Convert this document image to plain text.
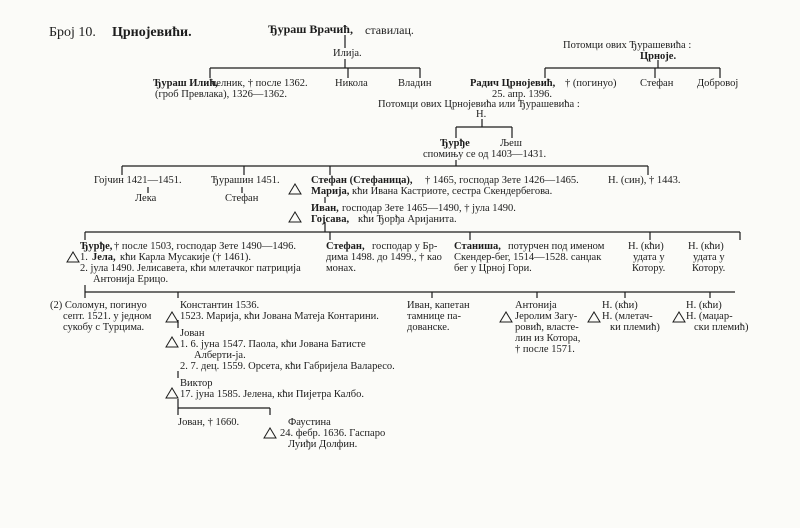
Број 10. Црнојевићи.	Ђураш Врачић, ставилац.
Илија.
Ђураш Илић,
челник, † после 1362.
(гроб Превлака), 1326—1362.
Никола	Владин
Потомци ових Ђурашевића :
Црноје.
Радич Црнојевић, † (погинуо)
25. апр. 1396.
Стефан Добровој
Потомци ових Црнојевића или Ђурашевића :
Н.
Ђурђе	Љеш
спомињу се од 1403—1431.
Гојчин 1421—1451.
Лека
Ђурашин 1451.
Стефан
Стефан (Стефаница), † 1465, господар Зете 1426—1465.
Марија, кћи Ивана Кастриоте, сестра Скендербегова.
Н. (син), † 1443.
Иван, господар Зете 1465—1490, † јула 1490.
Гојсава, кћи Ђорђа Аријанита.
Ђурђе, † после 1503, господар Зете 1490—1496.
1. Јела, кћи Карла Мусакије († 1461).
2. јула 1490. Јелисавета, кћи млетачког патриција
Антонија Ерицо.
Стефан, господар у Бр-
дима 1498. до 1499., † као
монах.
Станиша, потурчен под именом
Скендер-бег, 1514—1528. санџак
бег у Црној Гори.
Н. (кћи)
удата у
Котору.
Н. (кћи)
удата у
Котору.
(2) Соломун, погинуо
септ. 1521. у једном
сукобу с Турцима.
Константин 1536.
1523. Марија, кћи Јована Матеја Контарини.
Иван, капетан
тамнице па-
дованске.
Антонија
Јеролим Загу-
ровић, власте-
лин из Котора,
† после 1571.
Н. (кћи)
Н. (млетач-
ки племић)
Н. (кћи)
Н. (маџар-
ски племић)
Јован
1. 6. јуна 1547. Паола, кћи Јована Батисте
Алберти-ја.
2. 7. дец. 1559. Орсета, кћи Габријела Валаресо.
Виктор
17. јуна 1585. Јелена, кћи Пијетра Калбо.
Јован, † 1660.	Фаустина
24. фебр. 1636. Гаспаро
Луиђи Долфин.
